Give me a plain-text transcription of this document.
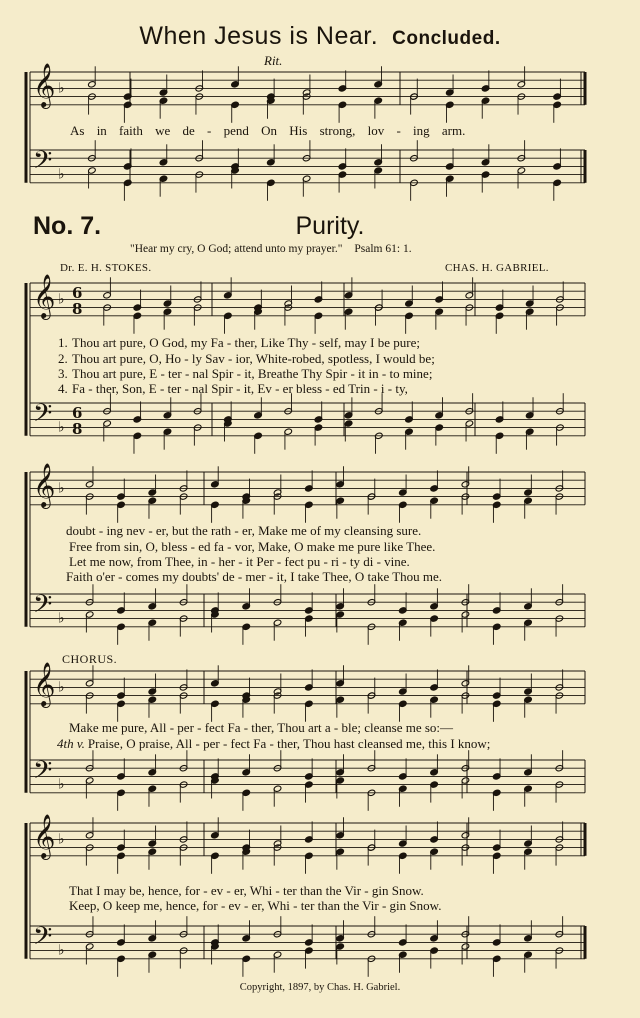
When Jesus is Near. Concluded.
Rit.
No. 7.	Purity.
"Hear my cry, O God; attend unto my prayer." Psalm 61: 1.
Dr. E. H. STOKES.	CHAS. H. GABRIEL.
CHORUS.
𝄞
𝄢
♭
♭
𝄞
𝄢
♭
♭
6
8
6
8
𝄞
𝄢
♭
♭
𝄞
𝄢
♭
♭
𝄞
𝄢
♭
♭
As in faith we de - pend On His strong, lov - ing arm.
1. Thou art pure, O God, my Fa - ther, Like Thy - self, may I be pure;
2. Thou art pure, O, Ho - ly Sav - ior, White-robed, spotless, I would be;
3. Thou art pure, E - ter - nal Spir - it, Breathe Thy Spir - it in - to mine;
4. Fa - ther, Son, E - ter - nal Spir - it, Ev - er bless - ed Trin - i - ty,
doubt - ing nev - er, but the rath - er, Make me of my cleansing sure.
Free from sin, O, bless - ed fa - vor, Make, O make me pure like Thee.
Let me now, from Thee, in - her - it Per - fect pu - ri - ty di - vine.
Faith o'er - comes my doubts' de - mer - it, I take Thee, O take Thou me.
Make me pure, All - per - fect Fa - ther, Thou art a - ble; cleanse me so:—
4th v. Praise, O praise, All - per - fect Fa - ther, Thou hast cleansed me, this I know;
That I may be, hence, for - ev - er, Whi - ter than the Vir - gin Snow.
Keep, O keep me, hence, for - ev - er, Whi - ter than the Vir - gin Snow.
Copyright, 1897, by Chas. H. Gabriel.
